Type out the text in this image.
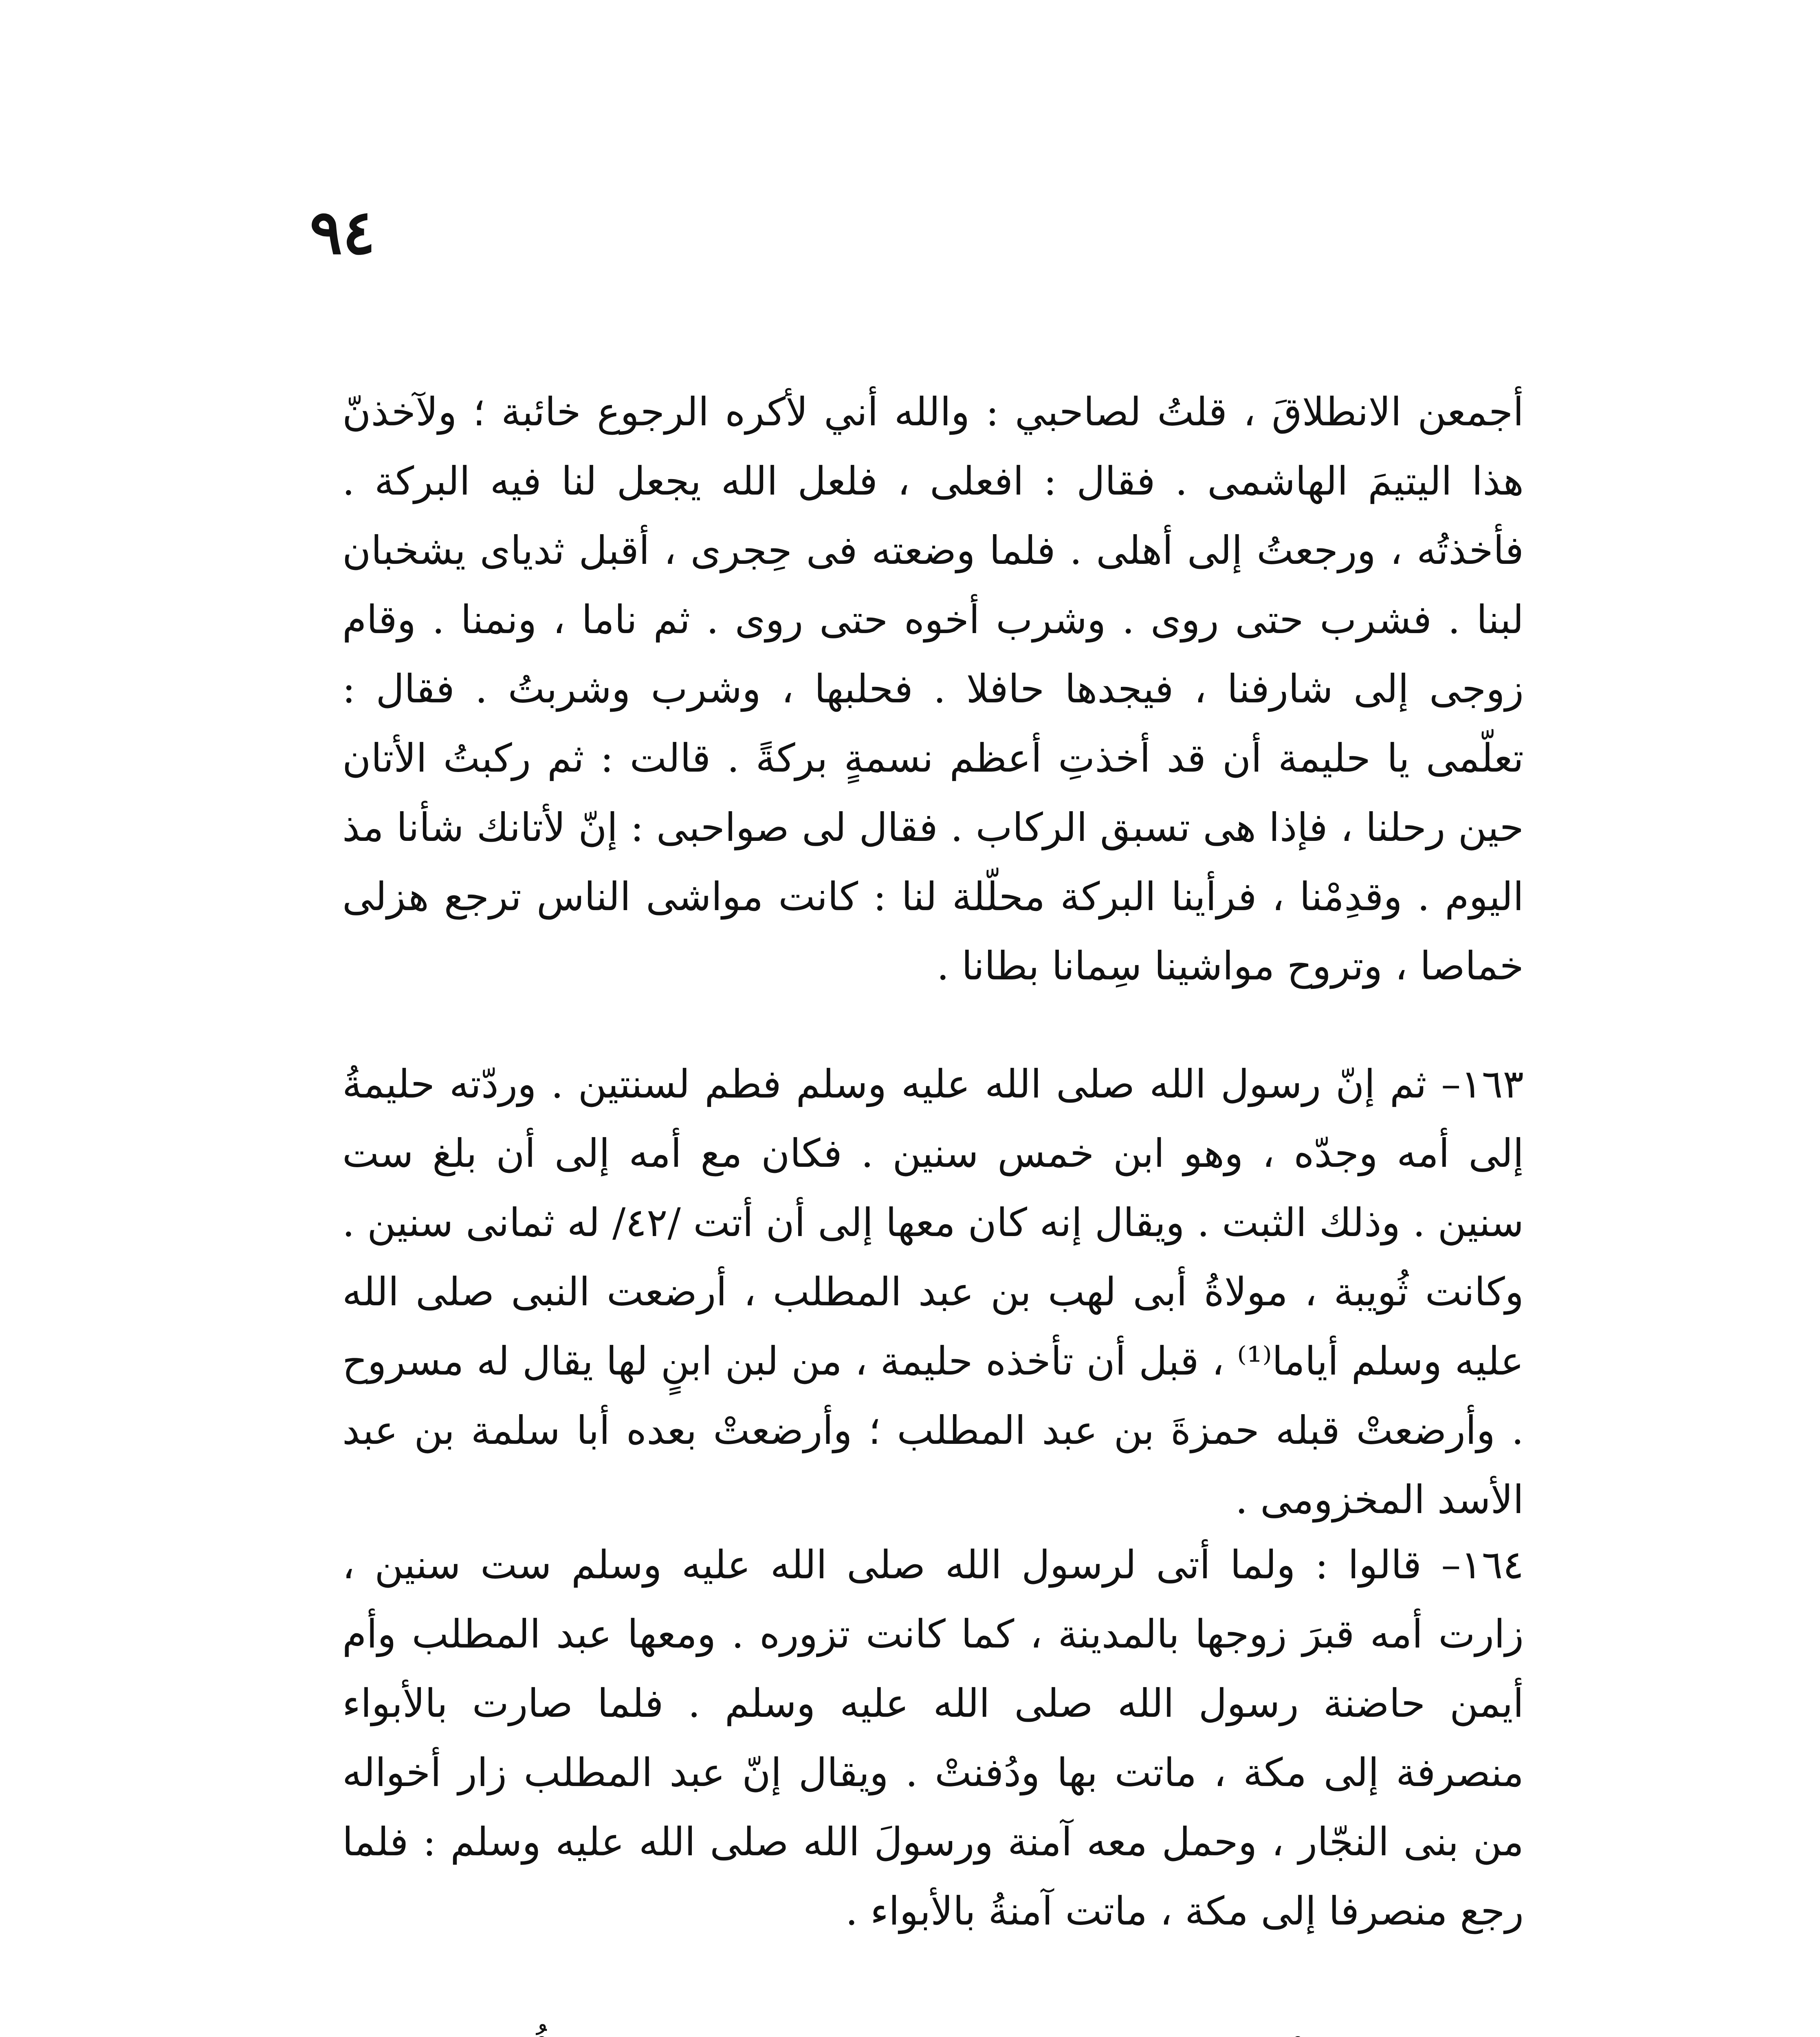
٩٤

أجمعن الانطلاقَ ، قلتُ لصاحبي : والله أني لأكره الرجوع خائبة ؛ ولآخذنّ هذا اليتيمَ الهاشمى . فقال : افعلى ، فلعل الله يجعل لنا فيه البركة . فأخذتُه ، ورجعتُ إلى أهلى . فلما وضعته فى حِجرى ، أقبل ثدياى يشخبان لبنا . فشرب حتى روى . وشرب أخوه حتى روى . ثم ناما ، ونمنا . وقام زوجى إلى شارفنا ، فيجدها حافلا . فحلبها ، وشرب وشربتُ . فقال : تعلّمى يا حليمة أن قد أخذتِ أعظم نسمةٍ بركةً . قالت : ثم ركبتُ الأتان حين رحلنا ، فإذا هى تسبق الركاب . فقال لى صواحبى : إنّ لأتانك شأنا مذ اليوم . وقدِمْنا ، فرأينا البركة محلّلة لنا : كانت مواشى الناس ترجع هزلى خماصا ، وتروح مواشينا سِمانا بطانا .

١٦٣– ثم إنّ رسول الله صلى الله عليه وسلم فطم لسنتين . وردّته حليمةُ إلى أمه وجدّه ، وهو ابن خمس سنين . فكان مع أمه إلى أن بلغ ست سنين . وذلك الثبت . ويقال إنه كان معها إلى أن أتت /٤٢/ له ثمانى سنين . وكانت ثُويبة ، مولاةُ أبى لهب بن عبد المطلب ، أرضعت النبى صلى الله عليه وسلم أياما⁽¹⁾ ، قبل أن تأخذه حليمة ، من لبن ابنٍ لها يقال له مسروح . وأرضعتْ قبله حمزةَ بن عبد المطلب ؛ وأرضعتْ بعده أبا سلمة بن عبد الأسد المخزومى .

١٦٤– قالوا : ولما أتى لرسول الله صلى الله عليه وسلم ست سنين ، زارت أمه قبرَ زوجها بالمدينة ، كما كانت تزوره . ومعها عبد المطلب وأم أيمن حاضنة رسول الله صلى الله عليه وسلم . فلما صارت بالأبواء منصرفة إلى مكة ، ماتت بها ودُفنتْ . ويقال إنّ عبد المطلب زار أخواله من بنى النجّار ، وحمل معه آمنة ورسولَ الله صلى الله عليه وسلم : فلما رجع منصرفا إلى مكة ، ماتت آمنةُ بالأبواء .
